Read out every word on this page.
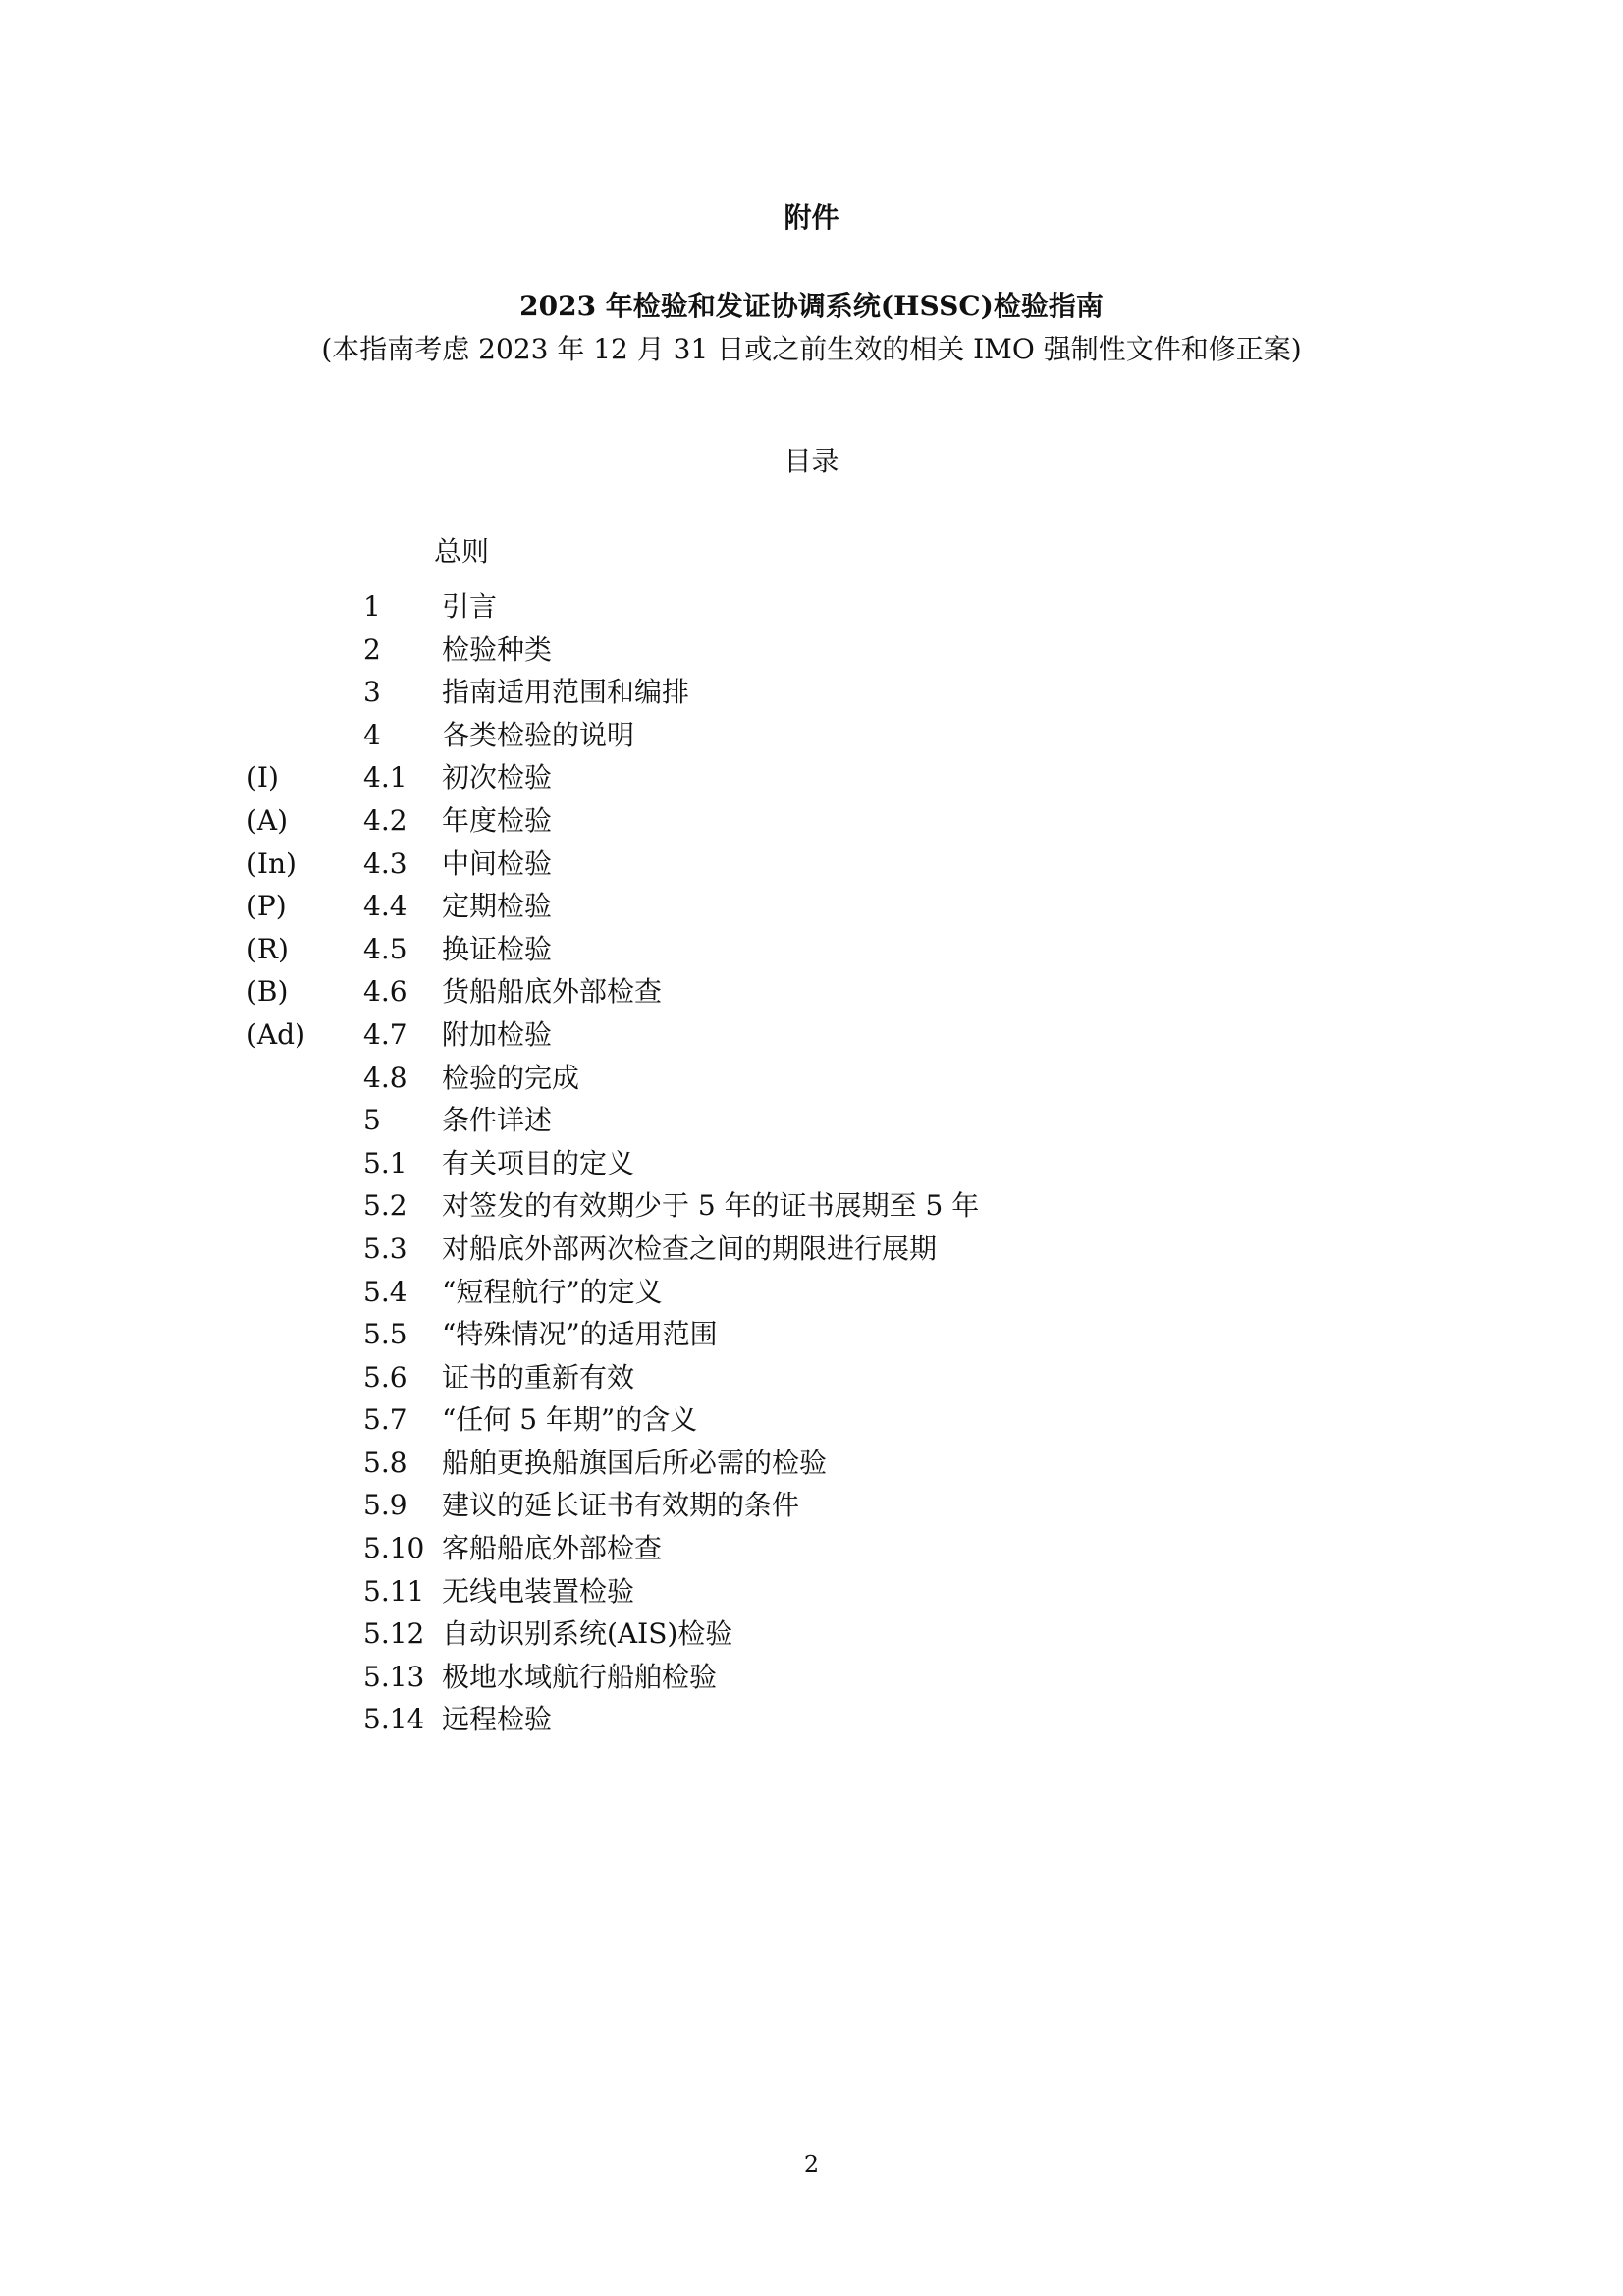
附件
2023 年检验和发证协调系统(HSSC)检验指南
(本指南考虑 2023 年 12 月 31 日或之前生效的相关 IMO 强制性文件和修正案)
目录
总则
1 引言
2 检验种类
3 指南适用范围和编排
4 各类检验的说明
(I)	4.1 初次检验
(A)	4.2 年度检验
(In) 4.3 中间检验
(P)	4.4 定期检验
(R)	4.5 换证检验
(B)	4.6 货船船底外部检查
(Ad) 4.7 附加检验
4.8 检验的完成
5 条件详述
5.1 有关项目的定义
5.2 对签发的有效期少于 5 年的证书展期至 5 年
5.3 对船底外部两次检查之间的期限进行展期
5.4 “短程航行”的定义
5.5 “特殊情况”的适用范围
5.6 证书的重新有效
5.7 “任何 5 年期”的含义
5.8 船舶更换船旗国后所必需的检验
5.9 建议的延长证书有效期的条件
5.10 客船船底外部检查
5.11 无线电装置检验
5.12 自动识别系统(AIS)检验
5.13 极地水域航行船舶检验
5.14 远程检验
2
